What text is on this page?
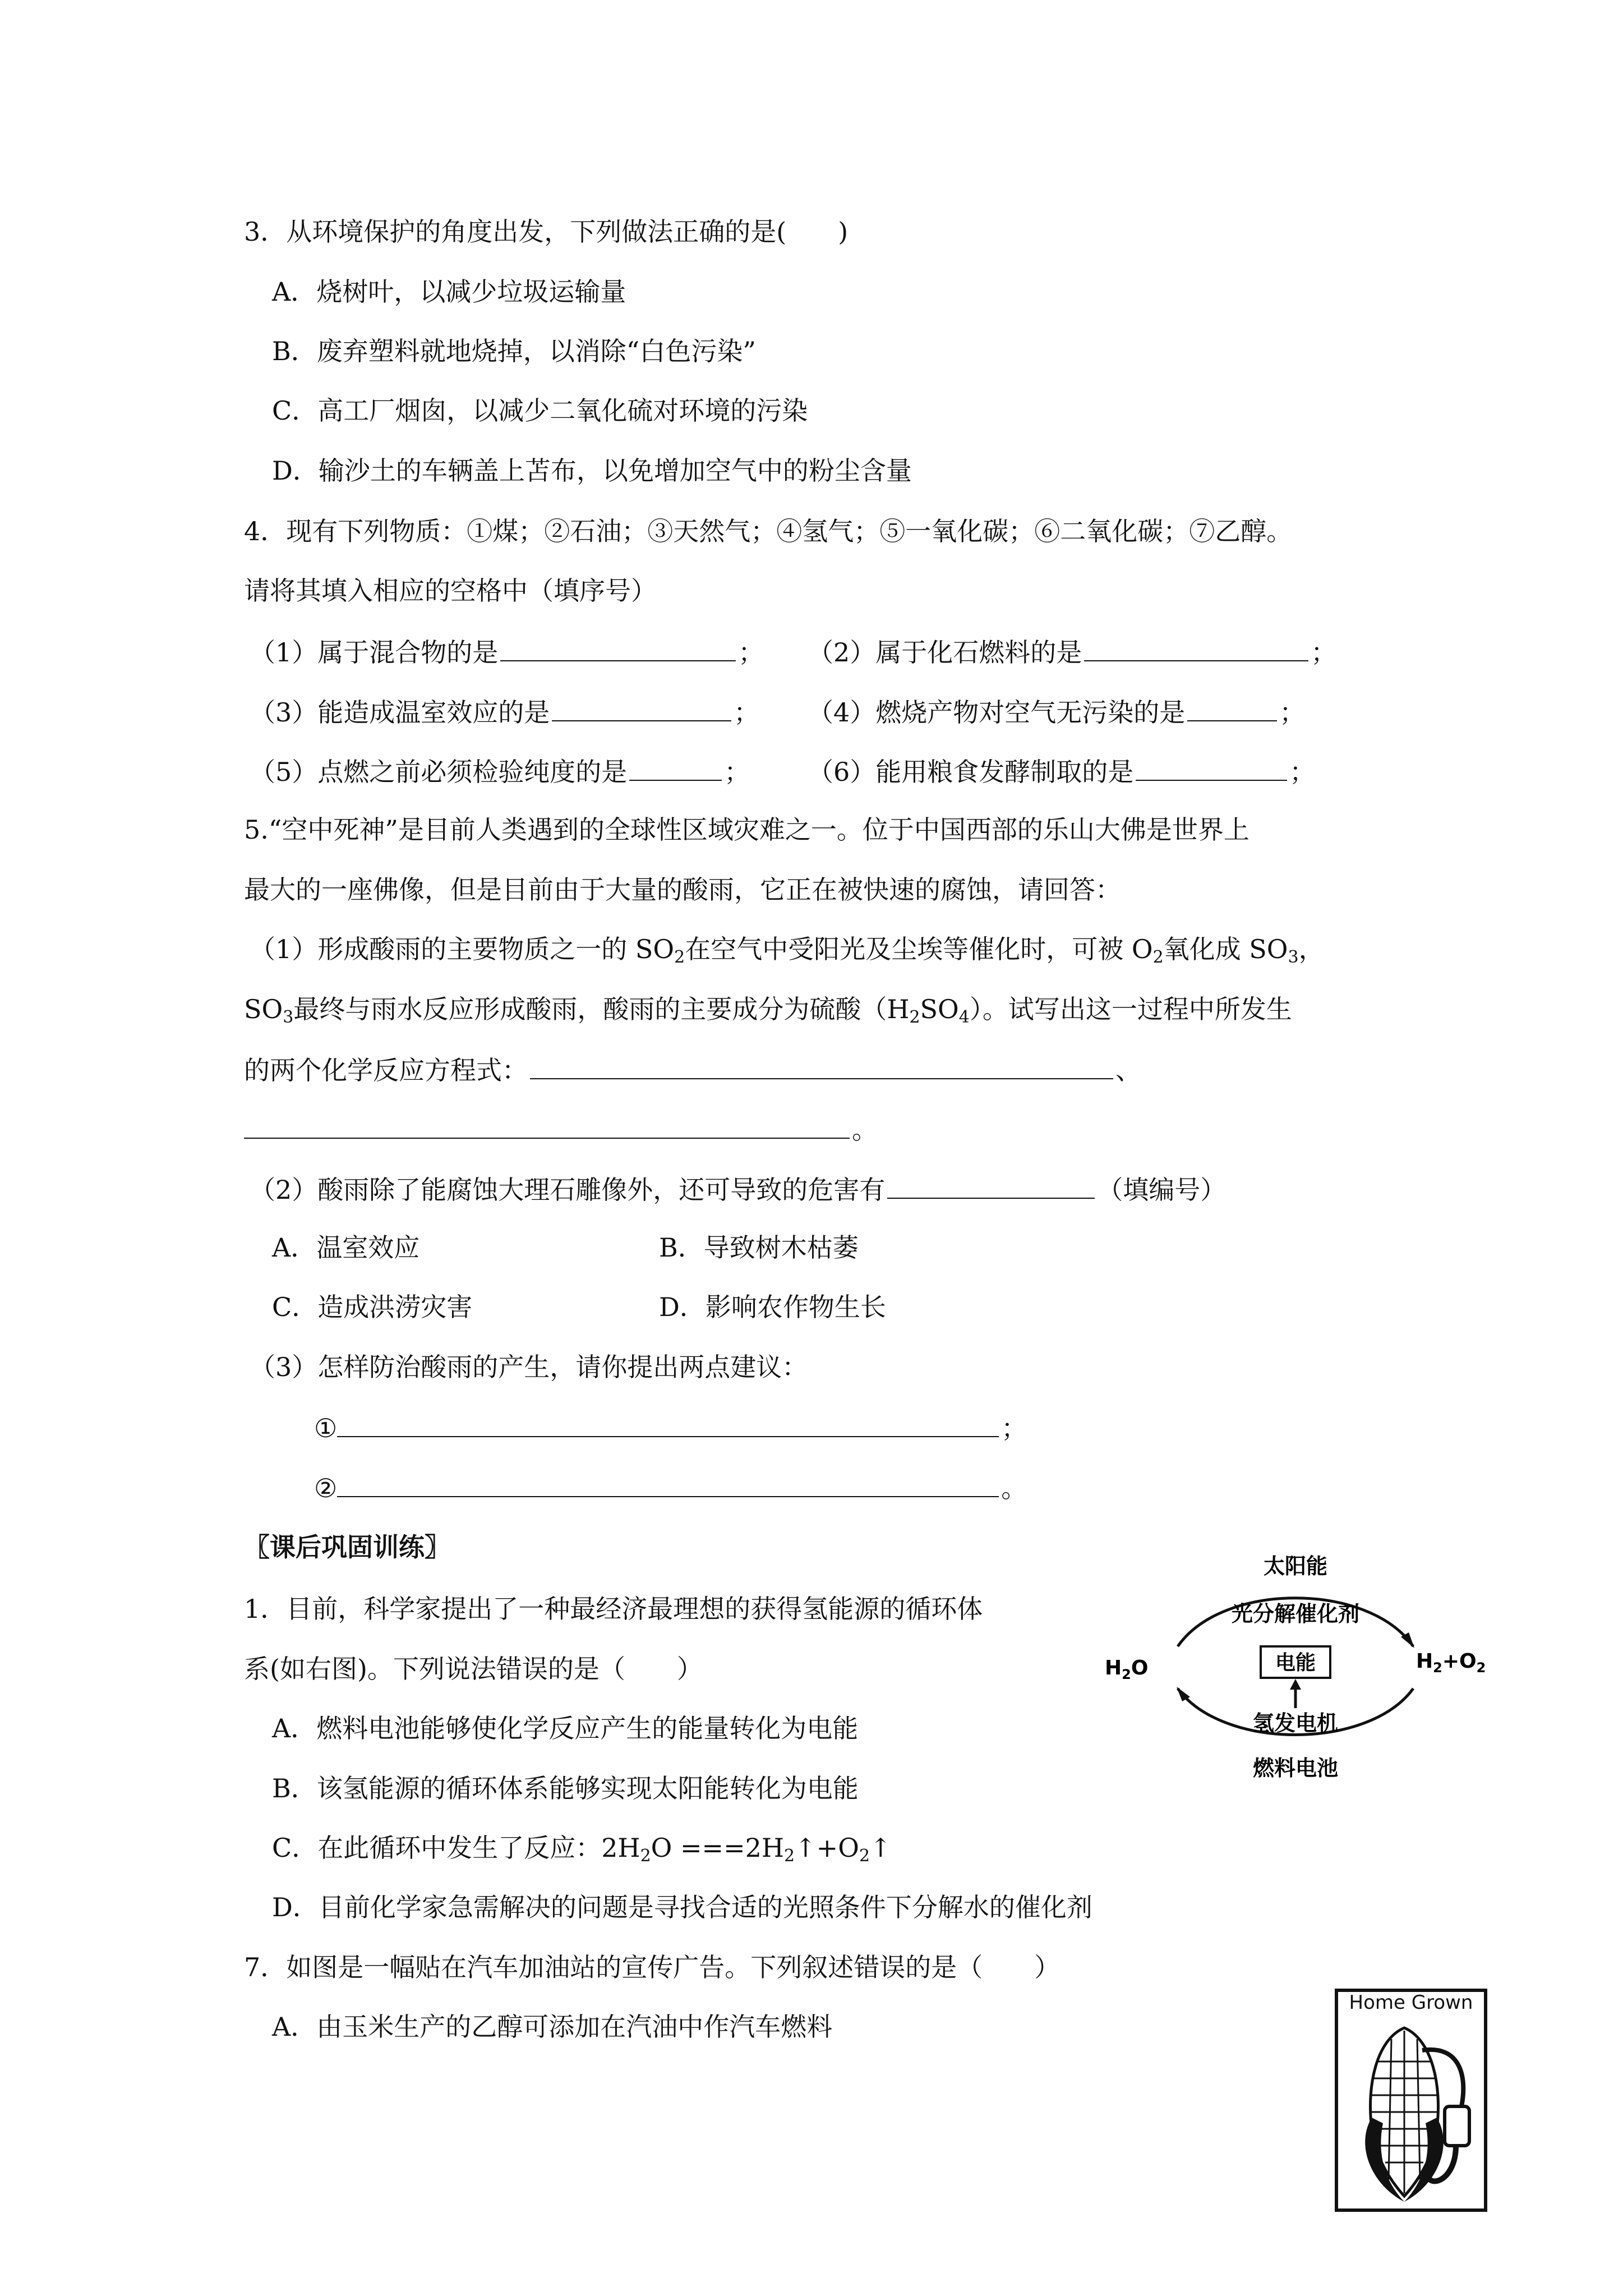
3．从环境保护的角度出发，下列做法正确的是(　　)
A．烧树叶，以减少垃圾运输量
B．废弃塑料就地烧掉，以消除“白色污染”
C．高工厂烟囱，以减少二氧化硫对环境的污染
D．输沙土的车辆盖上苫布，以免增加空气中的粉尘含量
4．现有下列物质：①煤；②石油；③天然气；④氢气；⑤一氧化碳；⑥二氧化碳；⑦乙醇。
请将其填入相应的空格中（填序号）
（1）属于混合物的是	； （2）属于化石燃料的是	；
（3）能造成温室效应的是	； （4）燃烧产物对空气无污染的是	；
（5）点燃之前必须检验纯度的是	； （6）能用粮食发酵制取的是	；
5.“空中死神”是目前人类遇到的全球性区域灾难之一。位于中国西部的乐山大佛是世界上
最大的一座佛像，但是目前由于大量的酸雨，它正在被快速的腐蚀，请回答：
（1）形成酸雨的主要物质之一的 $SO_2$在空气中受阳光及尘埃等催化时，可被 $O_2$氧化成 $SO_3$，
$SO_3$最终与雨水反应形成酸雨，酸雨的主要成分为硫酸$(H_2SO_4)$。试写出这一过程中所发生
的两个化学反应方程式：	、
。
（2）酸雨除了能腐蚀大理石雕像外，还可导致的危害有	（填编号）
A．温室效应	B．导致树木枯萎
C．造成洪涝灾害	D．影响农作物生长
（3）怎样防治酸雨的产生，请你提出两点建议：
①	；
②	。
〖课后巩固训练〗
1．目前，科学家提出了一种最经济最理想的获得氢能源的循环体
系(如右图)。下列说法错误的是（　　）
A．燃料电池能够使化学反应产生的能量转化为电能
B．该氢能源的循环体系能够实现太阳能转化为电能
C．在此循环中发生了反应：$2H_2O$ $===2H_2↑+O_2↑$
D．目前化学家急需解决的问题是寻找合适的光照条件下分解水的催化剂
太阳能
光分解催化剂
$H_2O$	$H_2+O_2$
电能
氢发电机
燃料电池
7．如图是一幅贴在汽车加油站的宣传广告。下列叙述错误的是（　　）
A．由玉米生产的乙醇可添加在汽油中作汽车燃料
Home Grown
